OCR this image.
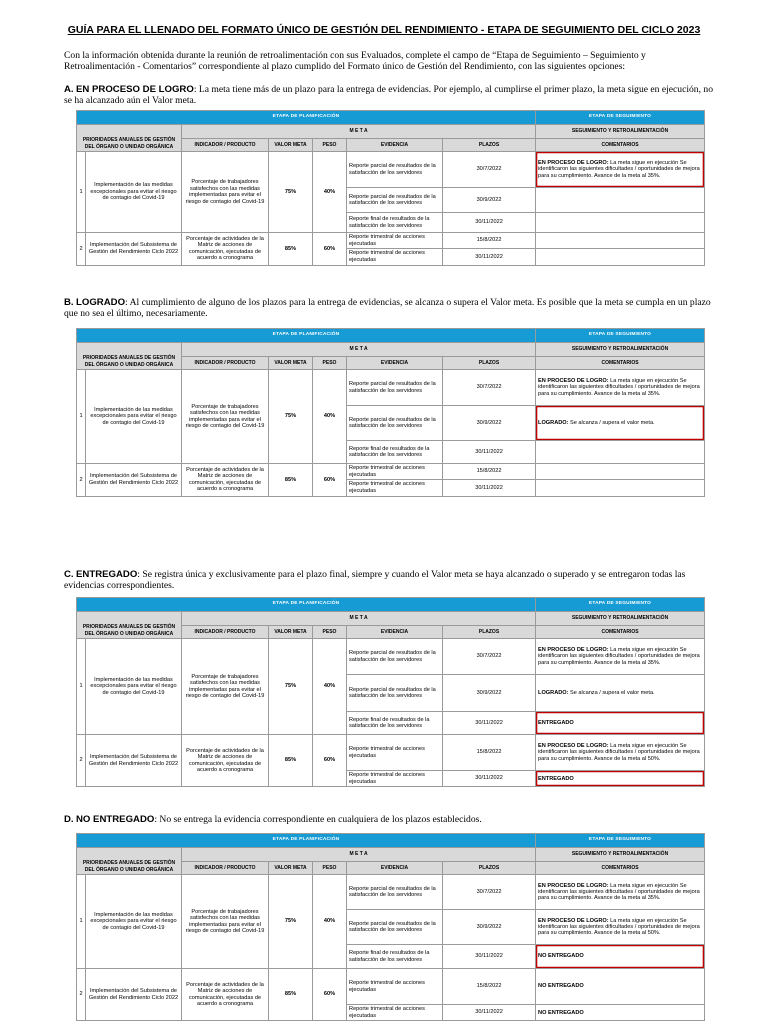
GUÍA PARA EL LLENADO DEL FORMATO ÚNICO DE GESTIÓN DEL RENDIMIENTO - ETAPA DE SEGUIMIENTO DEL CICLO 2023
Con la información obtenida durante la reunión de retroalimentación con sus Evaluados, complete el campo de “Etapa de Seguimiento – Seguimiento y Retroalimentación - Comentarios” correspondiente al plazo cumplido del Formato único de Gestión del Rendimiento, con las siguientes opciones:
A. EN PROCESO DE LOGRO: La meta tiene más de un plazo para la entrega de evidencias. Por ejemplo, al cumplirse el primer plazo, la meta sigue en ejecución, no se ha alcanzado aún el Valor meta.
ETAPA DE PLANIFICACIÓN							ETAPA DE SEGUIMIENTO
PRIORIDADES ANUALES DE GESTIÓN DEL ÓRGANO O UNIDAD ORGÁNICA		M E T A					SEGUIMIENTO Y RETROALIMENTACIÓN
		INDICADOR / PRODUCTO	VALOR META	PESO	EVIDENCIA	PLAZOS	COMENTARIOS
1	Implementación de las medidas excepcionales para evitar el riesgo de contagio del Covid-19	Porcentaje de trabajadores satisfechos con las medidas implementadas para evitar el riesgo de contagio del Covid-19	75%	40%	Reporte parcial de resultados de la satisfacción de los servidores	30/7/2022	EN PROCESO DE LOGRO: La meta sigue en ejecución Se identificaron las siguientes dificultades / oportunidades de mejora para su cumplimiento. Avance de la meta al 35%.
					Reporte parcial de resultados de la satisfacción de los servidores	30/9/2022	
					Reporte final de resultados de la satisfacción de los servidores	30/11/2022	
2	Implementación del Subsistema de Gestión del Rendimiento Ciclo 2022	Porcentaje de actividades de la Matriz de acciones de comunicación, ejecutadas de acuerdo a cronograma	85%	60%	Reporte trimestral de acciones ejecutadas	15/8/2022	
					Reporte trimestral de acciones ejecutadas	30/11/2022	
B. LOGRADO: Al cumplimiento de alguno de los plazos para la entrega de evidencias, se alcanza o supera el Valor meta. Es posible que la meta se cumpla en un plazo que no sea el último, necesariamente.
ETAPA DE PLANIFICACIÓN							ETAPA DE SEGUIMIENTO
PRIORIDADES ANUALES DE GESTIÓN DEL ÓRGANO O UNIDAD ORGÁNICA		M E T A					SEGUIMIENTO Y RETROALIMENTACIÓN
		INDICADOR / PRODUCTO	VALOR META	PESO	EVIDENCIA	PLAZOS	COMENTARIOS
1	Implementación de las medidas excepcionales para evitar el riesgo de contagio del Covid-19	Porcentaje de trabajadores satisfechos con las medidas implementadas para evitar el riesgo de contagio del Covid-19	75%	40%	Reporte parcial de resultados de la satisfacción de los servidores	30/7/2022	EN PROCESO DE LOGRO: La meta sigue en ejecución Se identificaron las siguientes dificultades / oportunidades de mejora para su cumplimiento. Avance de la meta al 35%.
					Reporte parcial de resultados de la satisfacción de los servidores	30/9/2022	LOGRADO: Se alcanza / supera el valor meta.
					Reporte final de resultados de la satisfacción de los servidores	30/11/2022	
2	Implementación del Subsistema de Gestión del Rendimiento Ciclo 2022	Porcentaje de actividades de la Matriz de acciones de comunicación, ejecutadas de acuerdo a cronograma	85%	60%	Reporte trimestral de acciones ejecutadas	15/8/2022	
					Reporte trimestral de acciones ejecutadas	30/11/2022	
C. ENTREGADO: Se registra única y exclusivamente para el plazo final, siempre y cuando el Valor meta se haya alcanzado o superado y se entregaron todas las evidencias correspondientes.
ETAPA DE PLANIFICACIÓN							ETAPA DE SEGUIMIENTO
PRIORIDADES ANUALES DE GESTIÓN DEL ÓRGANO O UNIDAD ORGÁNICA		M E T A					SEGUIMIENTO Y RETROALIMENTACIÓN
		INDICADOR / PRODUCTO	VALOR META	PESO	EVIDENCIA	PLAZOS	COMENTARIOS
1	Implementación de las medidas excepcionales para evitar el riesgo de contagio del Covid-19	Porcentaje de trabajadores satisfechos con las medidas implementadas para evitar el riesgo de contagio del Covid-19	75%	40%	Reporte parcial de resultados de la satisfacción de los servidores	30/7/2022	EN PROCESO DE LOGRO: La meta sigue en ejecución Se identificaron las siguientes dificultades / oportunidades de mejora para su cumplimiento. Avance de la meta al 35%.
					Reporte parcial de resultados de la satisfacción de los servidores	30/9/2022	LOGRADO: Se alcanza / supera el valor meta.
					Reporte final de resultados de la satisfacción de los servidores	30/11/2022	ENTREGADO
2	Implementación del Subsistema de Gestión del Rendimiento Ciclo 2022	Porcentaje de actividades de la Matriz de acciones de comunicación, ejecutadas de acuerdo a cronograma	85%	60%	Reporte trimestral de acciones ejecutadas	15/8/2022	EN PROCESO DE LOGRO: La meta sigue en ejecución Se identificaron las siguientes dificultades / oportunidades de mejora para su cumplimiento. Avance de la meta al 50%.
					Reporte trimestral de acciones ejecutadas	30/11/2022	ENTREGADO
D. NO ENTREGADO: No se entrega la evidencia correspondiente en cualquiera de los plazos establecidos.
ETAPA DE PLANIFICACIÓN							ETAPA DE SEGUIMIENTO
PRIORIDADES ANUALES DE GESTIÓN DEL ÓRGANO O UNIDAD ORGÁNICA		M E T A					SEGUIMIENTO Y RETROALIMENTACIÓN
		INDICADOR / PRODUCTO	VALOR META	PESO	EVIDENCIA	PLAZOS	COMENTARIOS
1	Implementación de las medidas excepcionales para evitar el riesgo de contagio del Covid-19	Porcentaje de trabajadores satisfechos con las medidas implementadas para evitar el riesgo de contagio del Covid-19	75%	40%	Reporte parcial de resultados de la satisfacción de los servidores	30/7/2022	EN PROCESO DE LOGRO: La meta sigue en ejecución Se identificaron las siguientes dificultades / oportunidades de mejora para su cumplimiento. Avance de la meta al 35%.
					Reporte parcial de resultados de la satisfacción de los servidores	30/9/2022	EN PROCESO DE LOGRO: La meta sigue en ejecución Se identificaron las siguientes dificultades / oportunidades de mejora para su cumplimiento. Avance de la meta al 50%.
					Reporte final de resultados de la satisfacción de los servidores	30/11/2022	NO ENTREGADO
2	Implementación del Subsistema de Gestión del Rendimiento Ciclo 2022	Porcentaje de actividades de la Matriz de acciones de comunicación, ejecutadas de acuerdo a cronograma	85%	60%	Reporte trimestral de acciones ejecutadas	15/8/2022	NO ENTREGADO
					Reporte trimestral de acciones ejecutadas	30/11/2022	NO ENTREGADO
